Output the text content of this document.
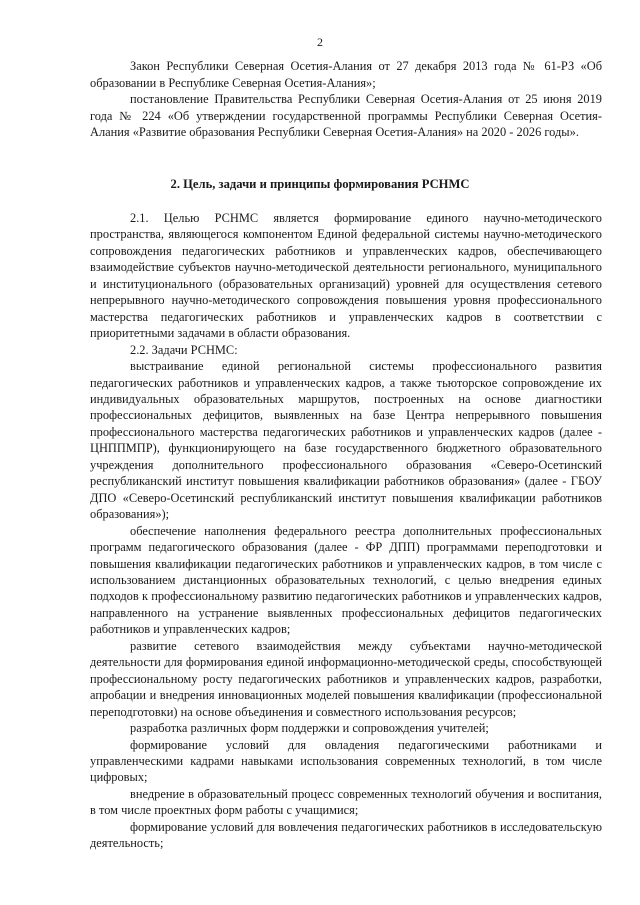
2

Закон Республики Северная Осетия-Алания от 27 декабря 2013 года № 61-РЗ «Об образовании в Республике Северная Осетия-Алания»;

постановление Правительства Республики Северная Осетия-Алания от 25 июня 2019 года № 224 «Об утверждении государственной программы Республики Северная Осетия-Алания «Развитие образования Республики Северная Осетия-Алания» на 2020 - 2026 годы».

2. Цель, задачи и принципы формирования РСНМС

2.1. Целью РСНМС является формирование единого научно-методического пространства, являющегося компонентом Единой федеральной системы научно-методического сопровождения педагогических работников и управленческих кадров, обеспечивающего взаимодействие субъектов научно-методической деятельности регионального, муниципального и институционального (образовательных организаций) уровней для осуществления сетевого непрерывного научно-методического сопровождения повышения уровня профессионального мастерства педагогических работников и управленческих кадров в соответствии с приоритетными задачами в области образования.

2.2. Задачи РСНМС:

выстраивание единой региональной системы профессионального развития педагогических работников и управленческих кадров, а также тьюторское сопровождение их индивидуальных образовательных маршрутов, построенных на основе диагностики профессиональных дефицитов, выявленных на базе Центра непрерывного повышения профессионального мастерства педагогических работников и управленческих кадров (далее - ЦНППМПР), функционирующего на базе государственного бюджетного образовательного учреждения дополнительного профессионального образования «Северо-Осетинский республиканский институт повышения квалификации работников образования» (далее - ГБОУ ДПО «Северо-Осетинский республиканский институт повышения квалификации работников образования»);

обеспечение наполнения федерального реестра дополнительных профессиональных программ педагогического образования (далее - ФР ДПП) программами переподготовки и повышения квалификации педагогических работников и управленческих кадров, в том числе с использованием дистанционных образовательных технологий, с целью внедрения единых подходов к профессиональному развитию педагогических работников и управленческих кадров, направленного на устранение выявленных профессиональных дефицитов педагогических работников и управленческих кадров;

развитие сетевого взаимодействия между субъектами научно-методической деятельности для формирования единой информационно-методической среды, способствующей профессиональному росту педагогических работников и управленческих кадров, разработки, апробации и внедрения инновационных моделей повышения квалификации (профессиональной переподготовки) на основе объединения и совместного использования ресурсов;

разработка различных форм поддержки и сопровождения учителей;

формирование условий для овладения педагогическими работниками и управленческими кадрами навыками использования современных технологий, в том числе цифровых;

внедрение в образовательный процесс современных технологий обучения и воспитания, в том числе проектных форм работы с учащимися;

формирование условий для вовлечения педагогических работников в исследовательскую деятельность;
